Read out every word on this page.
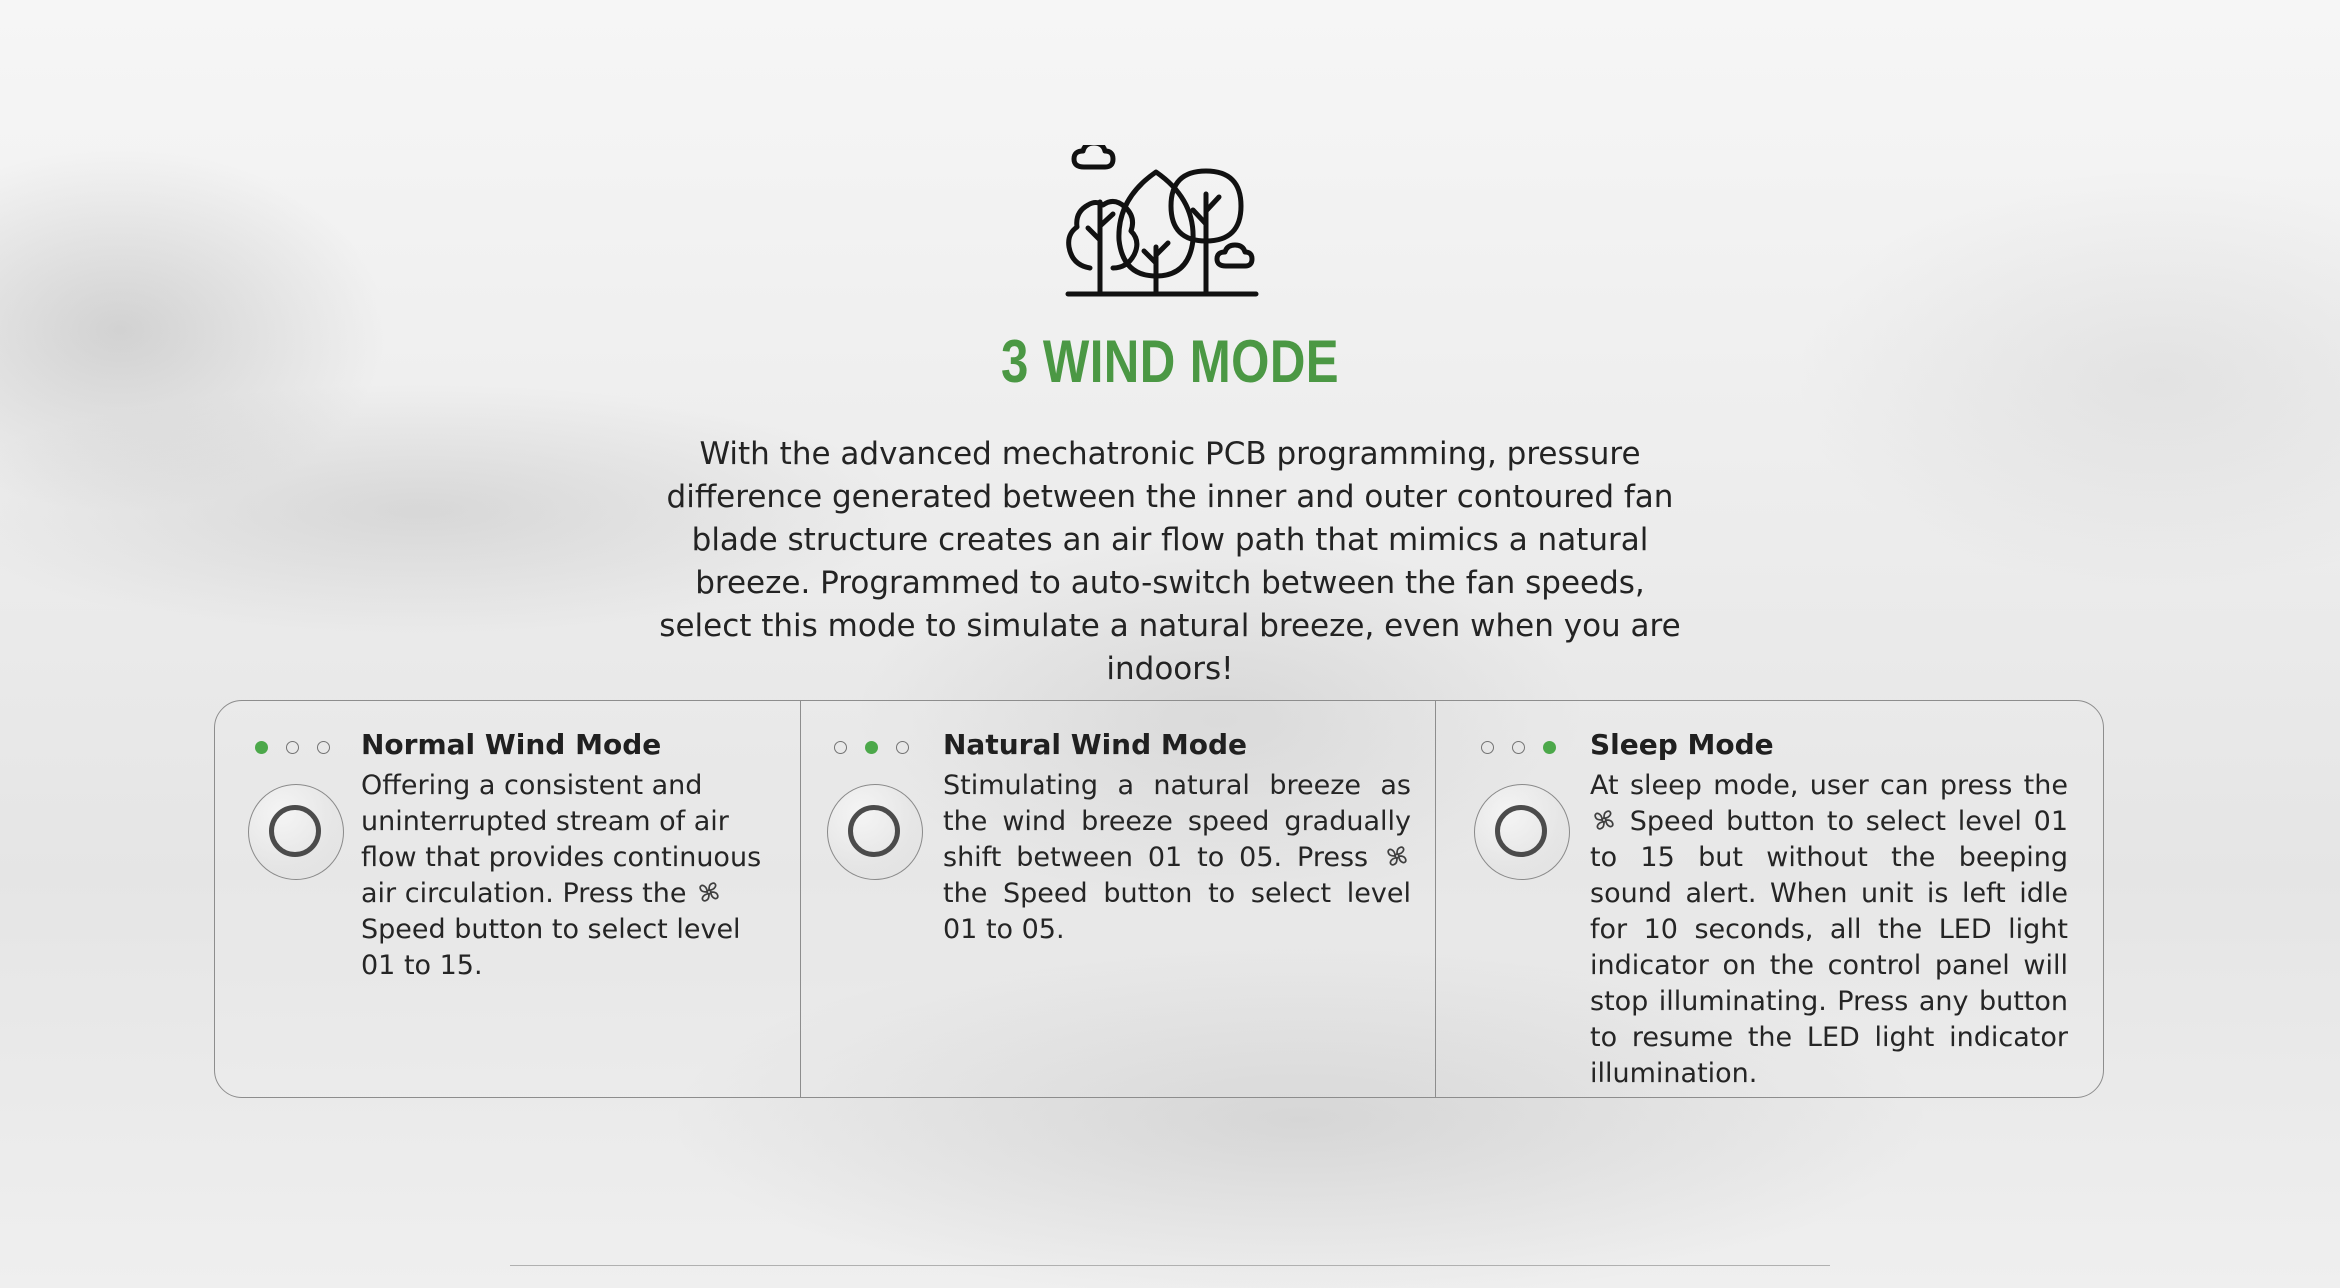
3 WIND MODE

With the advanced mechatronic PCB programming, pressure difference generated between the inner and outer contoured fan blade structure creates an air flow path that mimics a natural breeze. Programmed to auto-switch between the fan speeds, select this mode to simulate a natural breeze, even when you are indoors!

Normal Wind Mode

Offering a consistent and uninterrupted stream of air flow that provides continuous air circulation. Press the  Speed button to select level 01 to 15.

Natural Wind Mode

Stimulating a natural breeze as the wind breeze speed gradually shift between 01 to 05. Press  the Speed button to select level 01 to 05.

Sleep Mode

At sleep mode, user can press the  Speed button to select level 01 to 15 but without the beeping sound alert. When unit is left idle for 10 seconds, all the LED light indicator on the control panel will stop illuminating. Press any button to resume the LED light indicator illumination.
